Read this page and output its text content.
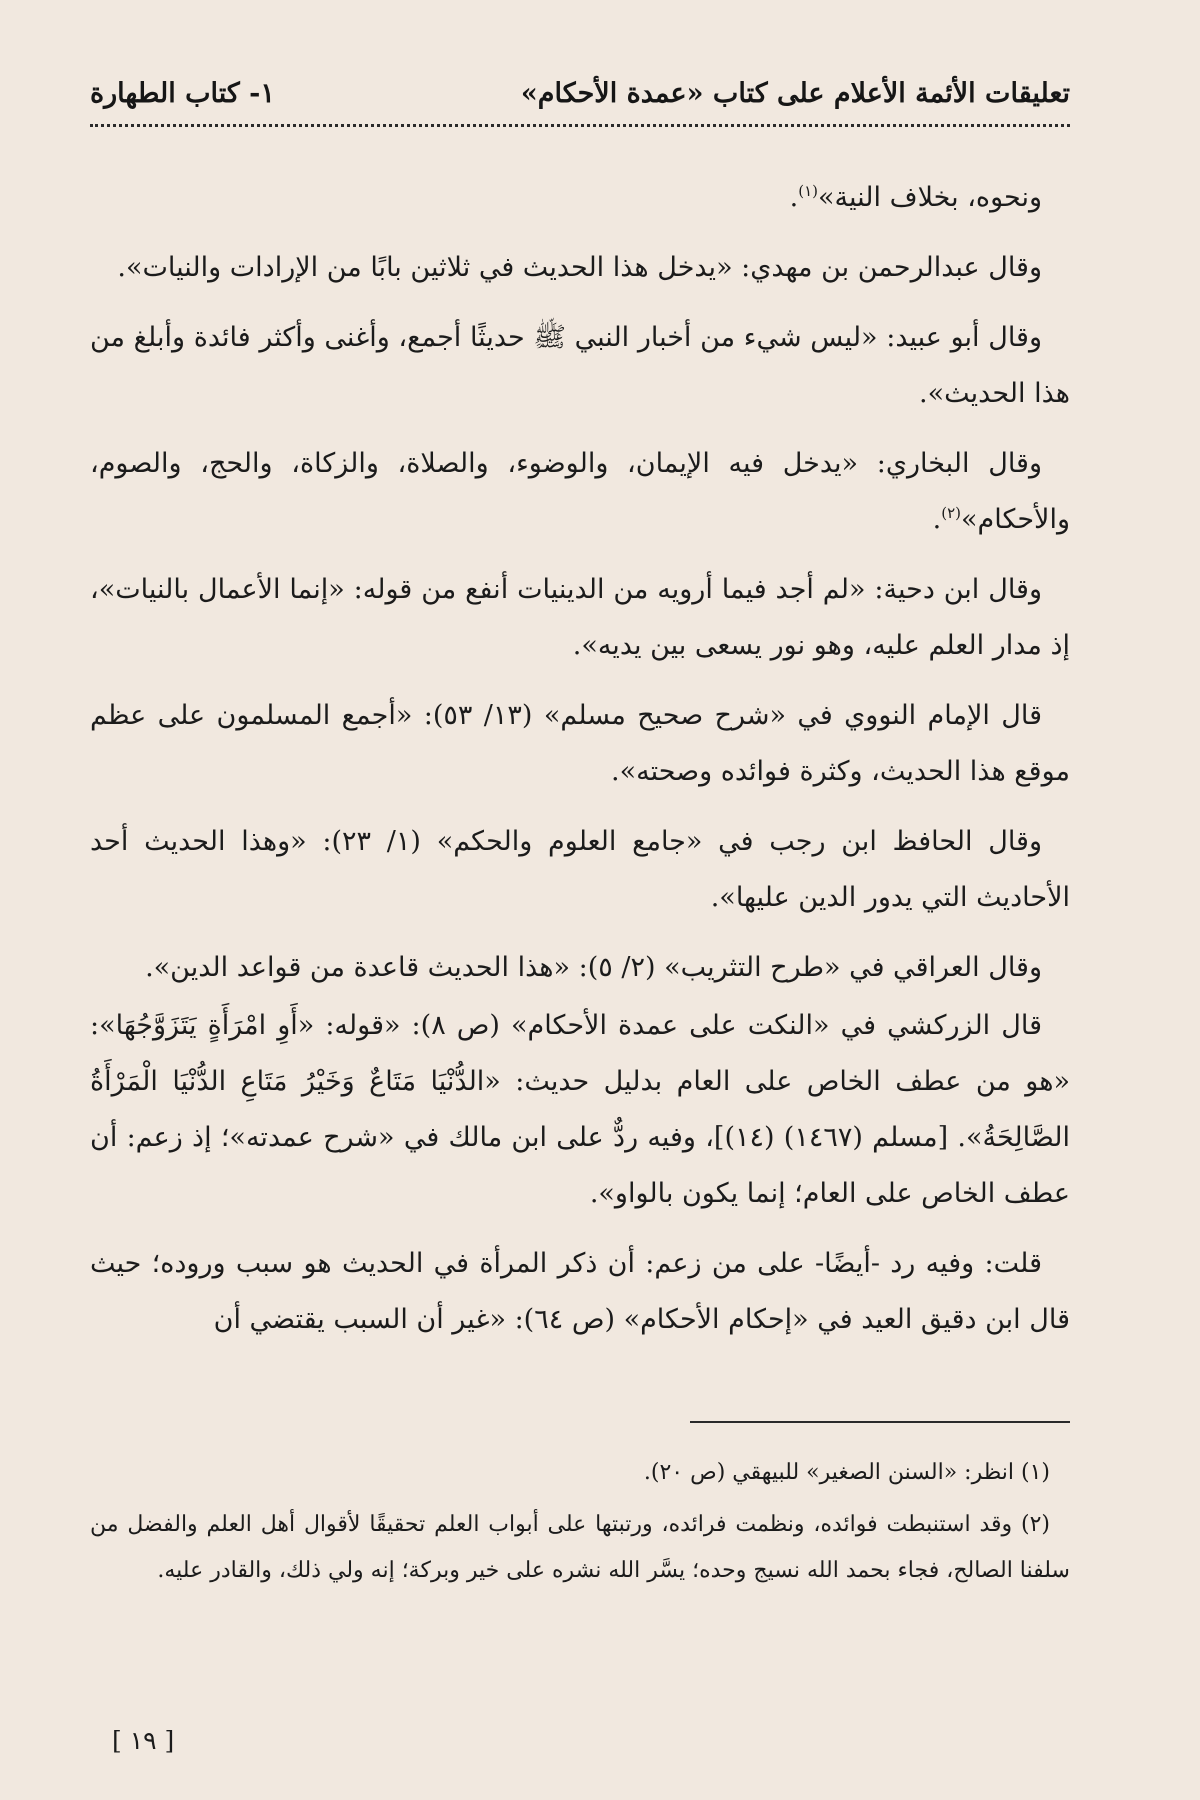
تعليقات الأئمة الأعلام على كتاب «عمدة الأحكام»
١- كتاب الطهارة

ونحوه، بخلاف النية»$^{(١)}$.

وقال عبدالرحمن بن مهدي: «يدخل هذا الحديث في ثلاثين بابًا من الإرادات والنيات».

وقال أبو عبيد: «ليس شيء من أخبار النبي ﷺ حديثًا أجمع، وأغنى وأكثر فائدة وأبلغ من هذا الحديث».

وقال البخاري: «يدخل فيه الإيمان، والوضوء، والصلاة، والزكاة، والحج، والصوم، والأحكام»$^{(٢)}$.

وقال ابن دحية: «لم أجد فيما أرويه من الدينيات أنفع من قوله: «إنما الأعمال بالنيات»، إذ مدار العلم عليه، وهو نور يسعى بين يديه».

قال الإمام النووي في «شرح صحيح مسلم» (١٣/ ٥٣): «أجمع المسلمون على عظم موقع هذا الحديث، وكثرة فوائده وصحته».

وقال الحافظ ابن رجب في «جامع العلوم والحكم» (١/ ٢٣): «وهذا الحديث أحد الأحاديث التي يدور الدين عليها».

وقال العراقي في «طرح التثريب» (٢/ ٥): «هذا الحديث قاعدة من قواعد الدين».

قال الزركشي في «النكت على عمدة الأحكام» (ص ٨): «قوله: «أَوِ امْرَأَةٍ يَتَزَوَّجُهَا»: «هو من عطف الخاص على العام بدليل حديث: «الدُّنْيَا مَتَاعٌ وَخَيْرُ مَتَاعِ الدُّنْيَا الْمَرْأَةُ الصَّالِحَةُ». [مسلم (١٤٦٧) (١٤)]، وفيه ردٌّ على ابن مالك في «شرح عمدته»؛ إذ زعم: أن عطف الخاص على العام؛ إنما يكون بالواو».

قلت: وفيه رد -أيضًا- على من زعم: أن ذكر المرأة في الحديث هو سبب وروده؛ حيث قال ابن دقيق العيد في «إحكام الأحكام» (ص ٦٤): «غير أن السبب يقتضي أن

(١) انظر: «السنن الصغير» للبيهقي (ص ٢٠).

(٢) وقد استنبطت فوائده، ونظمت فرائده، ورتبتها على أبواب العلم تحقيقًا لأقوال أهل العلم والفضل من سلفنا الصالح، فجاء بحمد الله نسيج وحده؛ يسَّر الله نشره على خير وبركة؛ إنه ولي ذلك، والقادر عليه.

[ ١٩ ]
